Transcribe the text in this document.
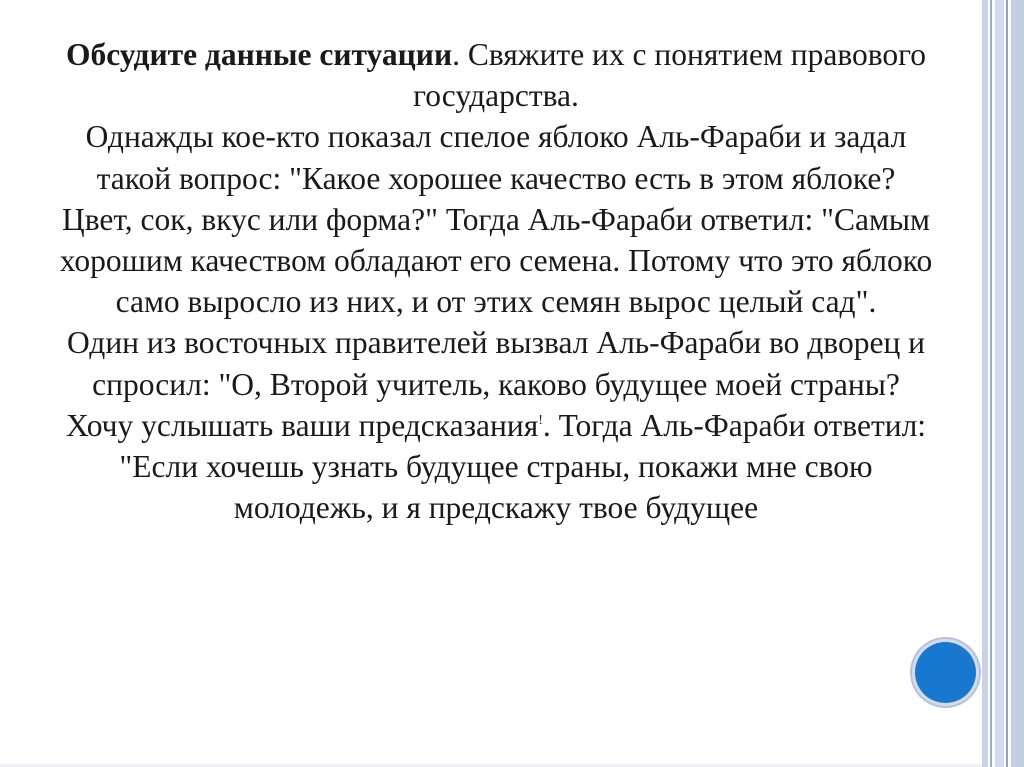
Обсудите данные ситуации. Свяжите их с понятием правового
государства.
Однажды кое-кто показал спелое яблоко Аль-Фараби и задал
такой вопрос: "Какое хорошее качество есть в этом яблоке?
Цвет, сок, вкус или форма?" Тогда Аль-Фараби ответил: "Самым
хорошим качеством обладают его семена. Потому что это яблоко
само выросло из них, и от этих семян вырос целый сад".
Один из восточных правителей вызвал Аль-Фараби во дворец и
спросил: "О, Второй учитель, каково будущее моей страны?
Хочу услышать ваши предсказания!. Тогда Аль-Фараби ответил:
"Если хочешь узнать будущее страны, покажи мне свою
молодежь, и я предскажу твое будущее
